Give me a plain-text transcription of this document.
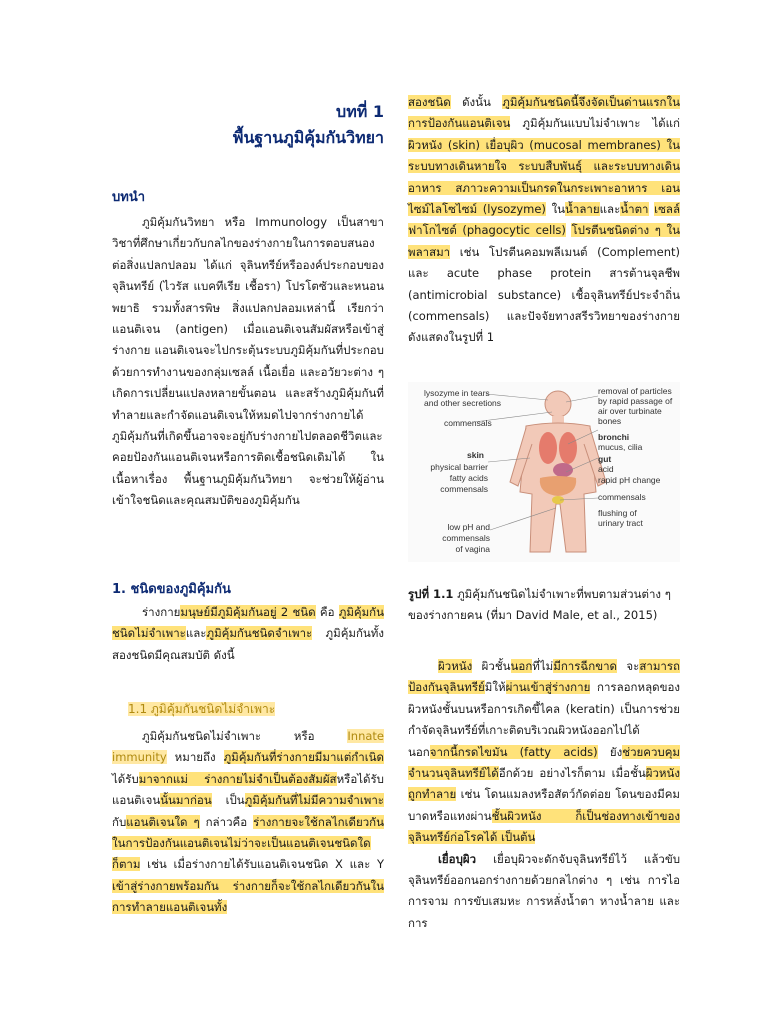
บทที่ 1
พื้นฐานภูมิคุ้มกันวิทยา
บทนำ

ภูมิคุ้มกันวิทยา หรือ Immunology เป็นสาขาวิชาที่ศึกษาเกี่ยวกับกลไกของร่างกายในการตอบสนองต่อสิ่งแปลกปลอม ได้แก่ จุลินทรีย์หรือองค์ประกอบของจุลินทรีย์ (ไวรัส แบคทีเรีย เชื้อรา) โปรโตซัวและหนอนพยาธิ รวมทั้งสารพิษ สิ่งแปลกปลอมเหล่านี้ เรียกว่า แอนติเจน (antigen) เมื่อแอนติเจนสัมผัสหรือเข้าสู่ร่างกาย แอนติเจนจะไปกระตุ้นระบบภูมิคุ้มกันที่ประกอบด้วยการทำงานของกลุ่มเซลล์ เนื้อเยื่อ และอวัยวะต่าง ๆ เกิดการเปลี่ยนแปลงหลายขั้นตอน และสร้างภูมิคุ้มกันที่ทำลายและกำจัดแอนติเจนให้หมดไปจากร่างกายได้ ภูมิคุ้มกันที่เกิดขึ้นอาจจะอยู่กับร่างกายไปตลอดชีวิตและคอยป้องกันแอนติเจนหรือการติดเชื้อชนิดเดิมได้ ในเนื้อหาเรื่อง พื้นฐานภูมิคุ้มกันวิทยา จะช่วยให้ผู้อ่านเข้าใจชนิดและคุณสมบัติของภูมิคุ้มกัน

1. ชนิดของภูมิคุ้มกัน

ร่างกายมนุษย์มีภูมิคุ้มกันอยู่ 2 ชนิด คือ ภูมิคุ้มกันชนิดไม่จำเพาะและภูมิคุ้มกันชนิดจำเพาะ ภูมิคุ้มกันทั้งสองชนิดมีคุณสมบัติ ดังนี้

1.1 ภูมิคุ้มกันชนิดไม่จำเพาะ

ภูมิคุ้มกันชนิดไม่จำเพาะ หรือ Innate immunity หมายถึง ภูมิคุ้มกันที่ร่างกายมีมาแต่กำเนิด ได้รับมาจากแม่ ร่างกายไม่จำเป็นต้องสัมผัสหรือได้รับแอนติเจนนั้นมาก่อน เป็นภูมิคุ้มกันที่ไม่มีความจำเพาะกับแอนติเจนใด ๆ กล่าวคือ ร่างกายจะใช้กลไกเดียวกันในการป้องกันแอนติเจนไม่ว่าจะเป็นแอนติเจนชนิดใดก็ตาม เช่น เมื่อร่างกายได้รับแอนติเจนชนิด X และ Y เข้าสู่ร่างกายพร้อมกัน ร่างกายก็จะใช้กลไกเดียวกันในการทำลายแอนติเจนทั้ง

สองชนิด ดังนั้น ภูมิคุ้มกันชนิดนี้จึงจัดเป็นด่านแรกในการป้องกันแอนติเจน ภูมิคุ้มกันแบบไม่จำเพาะ ได้แก่ ผิวหนัง (skin) เยื่อบุผิว (mucosal membranes) ในระบบทางเดินหายใจ ระบบสืบพันธุ์ และระบบทางเดินอาหาร สภาวะความเป็นกรดในกระเพาะอาหาร เอนไซม์ไลโซไซม์ (lysozyme) ในน้ำลายและน้ำตา เซลล์ฟาโกไซต์ (phagocytic cells) โปรตีนชนิดต่าง ๆ ในพลาสมา เช่น โปรตีนคอมพลีเมนต์ (Complement) และ acute phase protein สารต้านจุลชีพ (antimicrobial substance) เชื้อจุลินทรีย์ประจำถิ่น (commensals) และปัจจัยทางสรีรวิทยาของร่างกาย ดังแสดงในรูปที่ 1

lysozyme in tears
and other secretions
commensals
skin
physical barrier
fatty acids
commensals
low pH and
commensals
of vagina
removal of particles
by rapid passage of
air over turbinate
bones
bronchi
mucus, cilia
gut
acid
rapid pH change
commensals
flushing of
urinary tract
รูปที่ 1.1 ภูมิคุ้มกันชนิดไม่จำเพาะที่พบตามส่วนต่าง ๆ ของร่างกายคน (ที่มา David Male, et al., 2015)

ผิวหนัง ผิวชั้นนอกที่ไม่มีการฉีกขาด จะสามารถป้องกันจุลินทรีย์มิให้ผ่านเข้าสู่ร่างกาย การลอกหลุดของผิวหนังชั้นบนหรือการเกิดขี้ไคล (keratin) เป็นการช่วยกำจัดจุลินทรีย์ที่เกาะติดบริเวณผิวหนังออกไปได้ นอกจากนี้กรดไขมัน (fatty acids) ยังช่วยควบคุมจำนวนจุลินทรีย์ได้อีกด้วย อย่างไรก็ตาม เมื่อชั้นผิวหนังถูกทำลาย เช่น โดนแมลงหรือสัตว์กัดต่อย โดนของมีคมบาดหรือแทงผ่านชั้นผิวหนัง ก็เป็นช่องทางเข้าของจุลินทรีย์ก่อโรคได้ เป็นต้น

เยื่อบุผิว เยื่อบุผิวจะดักจับจุลินทรีย์ไว้ แล้วขับจุลินทรีย์ออกนอกร่างกายด้วยกลไกต่าง ๆ เช่น การไอ การจาม การขับเสมหะ การหลั่งน้ำตา หางน้ำลาย และการ
